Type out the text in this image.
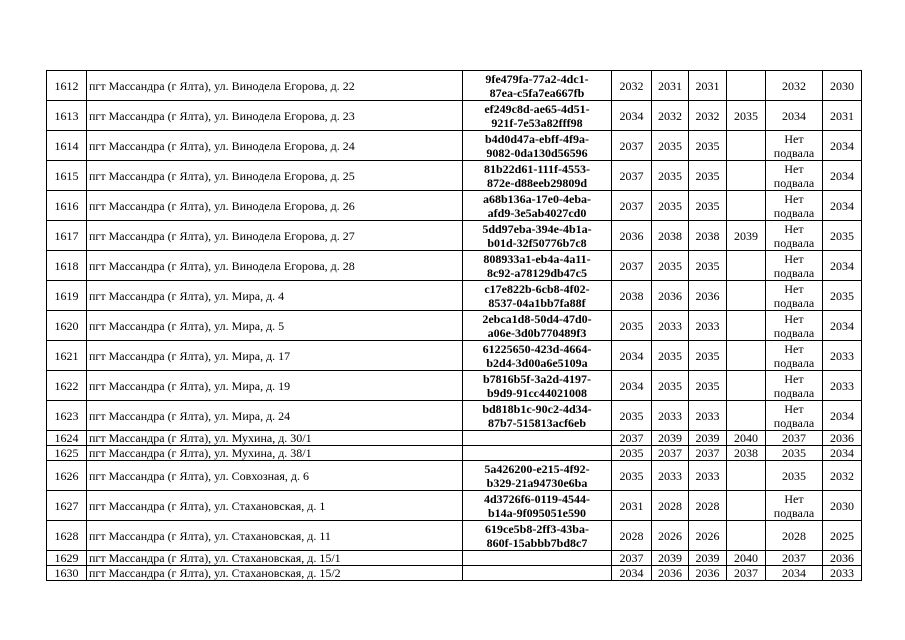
1612	пгт Массандра (г Ялта), ул. Винодела Егорова, д. 22	9fe479fa-77a2-4dc1-
87ea-c5fa7ea667fb	2032	2031	2031		2032	2030
1613	пгт Массандра (г Ялта), ул. Винодела Егорова, д. 23	ef249c8d-ae65-4d51-
921f-7e53a82fff98	2034	2032	2032	2035	2034	2031
1614	пгт Массандра (г Ялта), ул. Винодела Егорова, д. 24	b4d0d47a-ebff-4f9a-
9082-0da130d56596	2037	2035	2035		Нет
подвала	2034
1615	пгт Массандра (г Ялта), ул. Винодела Егорова, д. 25	81b22d61-111f-4553-
872e-d88eeb29809d	2037	2035	2035		Нет
подвала	2034
1616	пгт Массандра (г Ялта), ул. Винодела Егорова, д. 26	a68b136a-17e0-4eba-
afd9-3e5ab4027cd0	2037	2035	2035		Нет
подвала	2034
1617	пгт Массандра (г Ялта), ул. Винодела Егорова, д. 27	5dd97eba-394e-4b1a-
b01d-32f50776b7c8	2036	2038	2038	2039	Нет
подвала	2035
1618	пгт Массандра (г Ялта), ул. Винодела Егорова, д. 28	808933a1-eb4a-4a11-
8c92-a78129db47c5	2037	2035	2035		Нет
подвала	2034
1619	пгт Массандра (г Ялта), ул. Мира, д. 4	c17e822b-6cb8-4f02-
8537-04a1bb7fa88f	2038	2036	2036		Нет
подвала	2035
1620	пгт Массандра (г Ялта), ул. Мира, д. 5	2ebca1d8-50d4-47d0-
a06e-3d0b770489f3	2035	2033	2033		Нет
подвала	2034
1621	пгт Массандра (г Ялта), ул. Мира, д. 17	61225650-423d-4664-
b2d4-3d00a6e5109a	2034	2035	2035		Нет
подвала	2033
1622	пгт Массандра (г Ялта), ул. Мира, д. 19	b7816b5f-3a2d-4197-
b9d9-91cc44021008	2034	2035	2035		Нет
подвала	2033
1623	пгт Массандра (г Ялта), ул. Мира, д. 24	bd818b1c-90c2-4d34-
87b7-515813acf6eb	2035	2033	2033		Нет
подвала	2034
1624	пгт Массандра (г Ялта), ул. Мухина, д. 30/1		2037	2039	2039	2040	2037	2036
1625	пгт Массандра (г Ялта), ул. Мухина, д. 38/1		2035	2037	2037	2038	2035	2034
1626	пгт Массандра (г Ялта), ул. Совхозная, д. 6	5a426200-e215-4f92-
b329-21a94730e6ba	2035	2033	2033		2035	2032
1627	пгт Массандра (г Ялта), ул. Стахановская, д. 1	4d3726f6-0119-4544-
b14a-9f095051e590	2031	2028	2028		Нет
подвала	2030
1628	пгт Массандра (г Ялта), ул. Стахановская, д. 11	619ce5b8-2ff3-43ba-
860f-15abbb7bd8c7	2028	2026	2026		2028	2025
1629	пгт Массандра (г Ялта), ул. Стахановская, д. 15/1		2037	2039	2039	2040	2037	2036
1630	пгт Массандра (г Ялта), ул. Стахановская, д. 15/2		2034	2036	2036	2037	2034	2033
